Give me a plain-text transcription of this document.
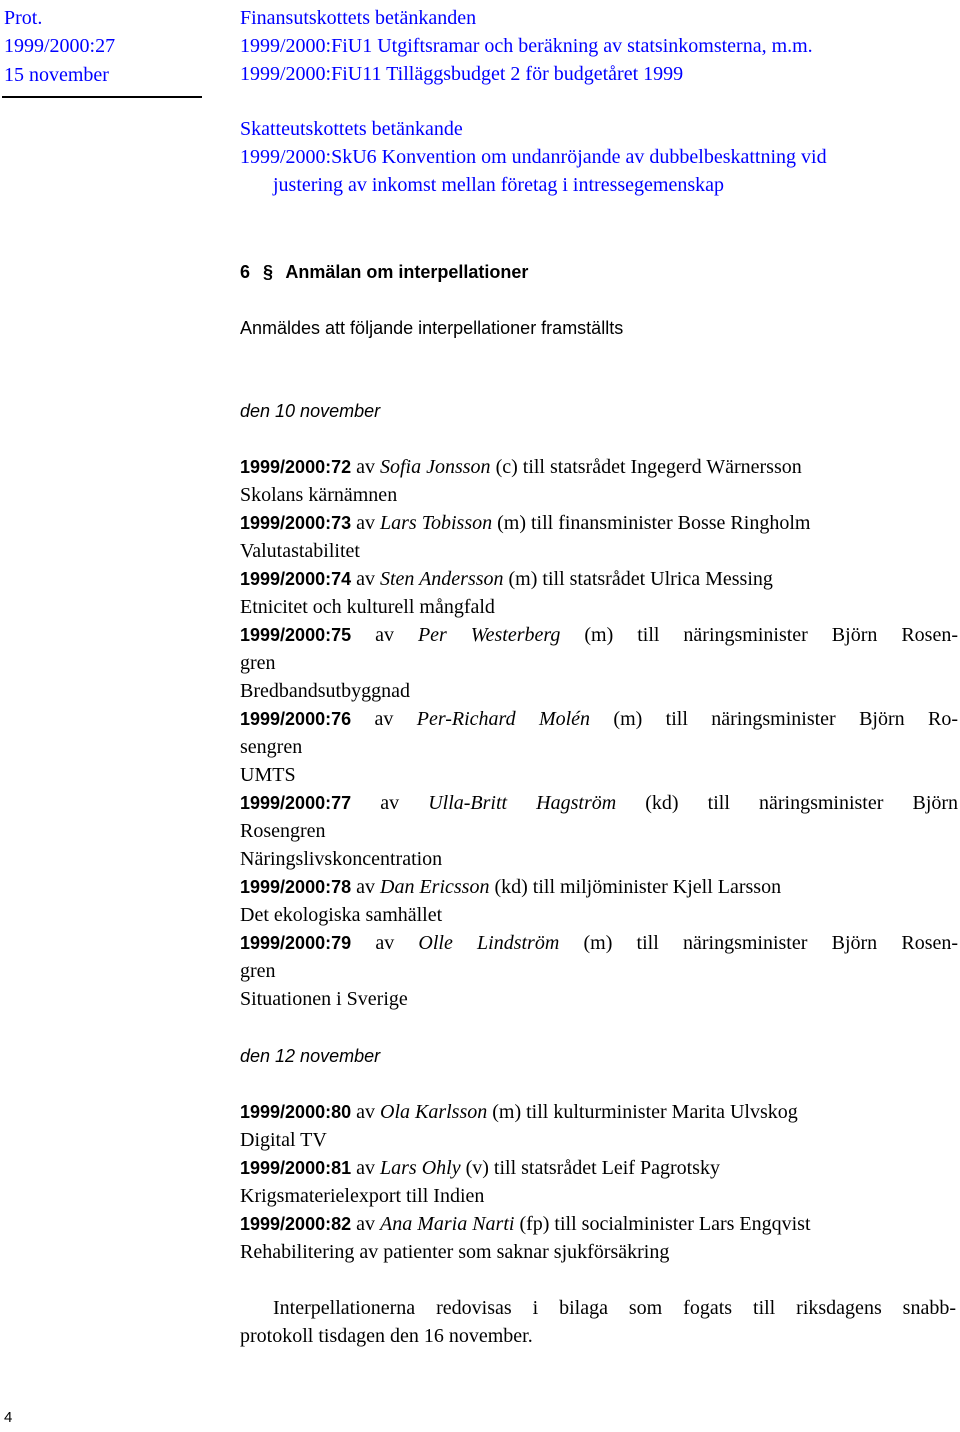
Prot.
1999/2000:27
15 november
Finansutskottets betänkanden
1999/2000:FiU1 Utgiftsramar och beräkning av statsinkomsterna, m.m.
1999/2000:FiU11 Tilläggsbudget 2 för budgetåret 1999
Skatteutskottets betänkande
1999/2000:SkU6 Konvention om undanröjande av dubbelbeskattning vid
justering av inkomst mellan företag i intressegemenskap
6 § Anmälan om interpellationer
Anmäldes att följande interpellationer framställts
den 10 november
1999/2000:72 av Sofia Jonsson (c) till statsrådet Ingegerd Wärnersson
Skolans kärnämnen
1999/2000:73 av Lars Tobisson (m) till finansminister Bosse Ringholm
Valutastabilitet
1999/2000:74 av Sten Andersson (m) till statsrådet Ulrica Messing
Etnicitet och kulturell mångfald
1999/2000:75 av Per Westerberg (m) till näringsminister Björn Rosen-
gren
Bredbandsutbyggnad
1999/2000:76 av Per-Richard Molén (m) till näringsminister Björn Ro-
sengren
UMTS
1999/2000:77 av Ulla-Britt Hagström (kd) till näringsminister Björn
Rosengren
Näringslivskoncentration
1999/2000:78 av Dan Ericsson (kd) till miljöminister Kjell Larsson
Det ekologiska samhället
1999/2000:79 av Olle Lindström (m) till näringsminister Björn Rosen-
gren
Situationen i Sverige
1999/2000:80 av Ola Karlsson (m) till kulturminister Marita Ulvskog
Digital TV
1999/2000:81 av Lars Ohly (v) till statsrådet Leif Pagrotsky
Krigsmaterielexport till Indien
1999/2000:82 av Ana Maria Narti (fp) till socialminister Lars Engqvist
Rehabilitering av patienter som saknar sjukförsäkring
den 12 november
Interpellationerna redovisas i bilaga som fogats till riksdagens snabb-
protokoll tisdagen den 16 november.
4
